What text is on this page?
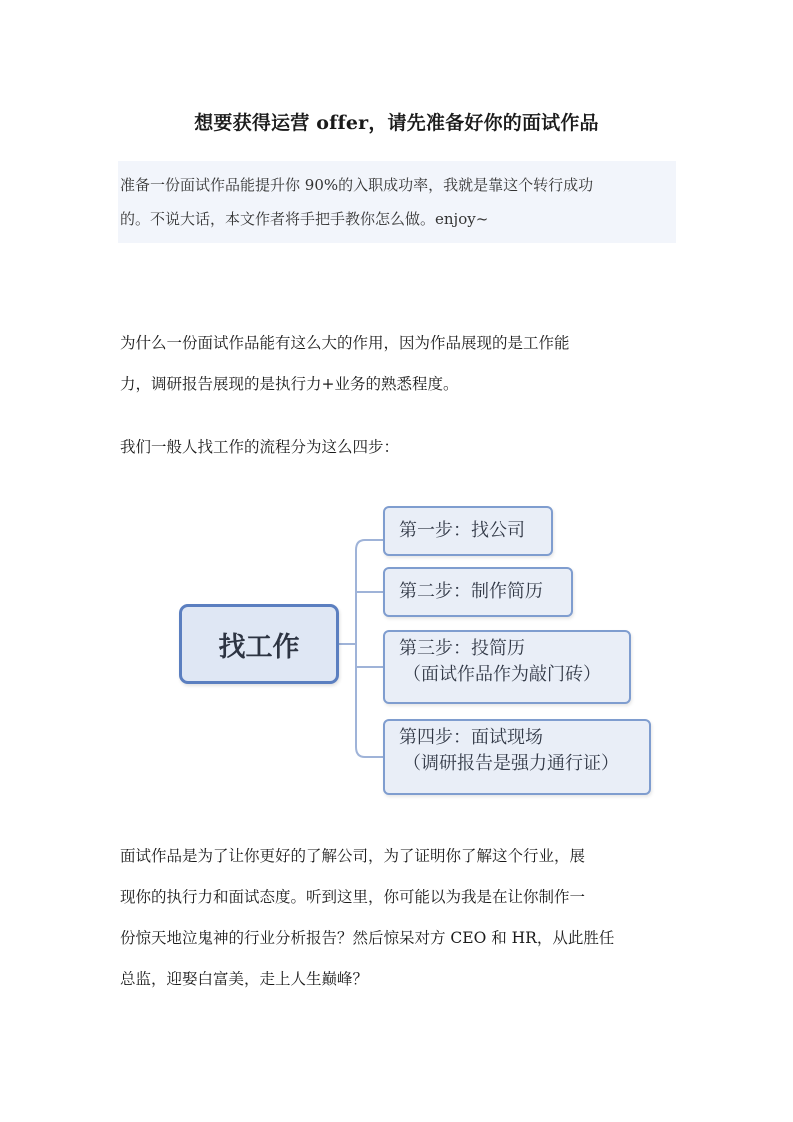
想要获得运营 offer，请先准备好你的面试作品
准备一份面试作品能提升你 90%的入职成功率，我就是靠这个转行成功
的。不说大话，本文作者将手把手教你怎么做。enjoy~
为什么一份面试作品能有这么大的作用，因为作品展现的是工作能
力，调研报告展现的是执行力+业务的熟悉程度。
我们一般人找工作的流程分为这么四步：
找工作
第一步：找公司
第二步：制作简历
第三步：投简历
（面试作品作为敲门砖）
第四步：面试现场
（调研报告是强力通行证）
面试作品是为了让你更好的了解公司，为了证明你了解这个行业，展
现你的执行力和面试态度。听到这里，你可能以为我是在让你制作一
份惊天地泣鬼神的行业分析报告？然后惊呆对方 CEO 和 HR，从此胜任
总监，迎娶白富美，走上人生巅峰？
